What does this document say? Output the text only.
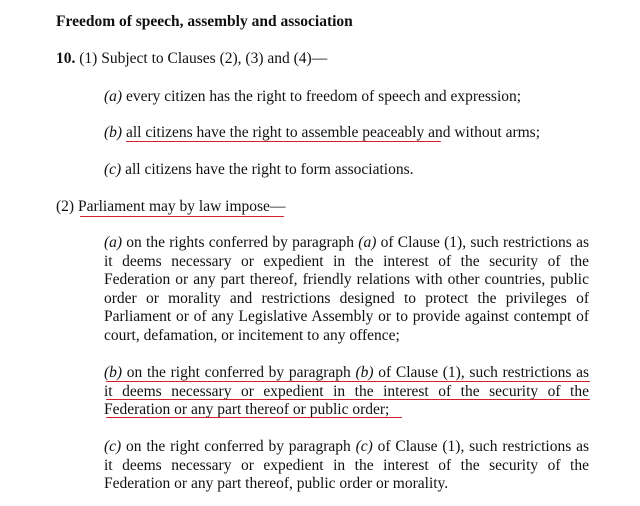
Freedom of speech, assembly and association
10. (1) Subject to Clauses (2), (3) and (4)—
(a) every citizen has the right to freedom of speech and expression;
(b) all citizens have the right to assemble peaceably and without arms;
(c) all citizens have the right to form associations.
(2) Parliament may by law impose—
(a) on the rights conferred by paragraph (a) of Clause (1), such restrictions as it deems necessary or expedient in the interest of the security of the Federation or any part thereof, friendly relations with other countries, public order or morality and restrictions designed to protect the privileges of Parliament or of any Legislative Assembly or to provide against contempt of court, defamation, or incitement to any offence;
(b) on the right conferred by paragraph (b) of Clause (1), such restrictions as it deems necessary or expedient in the interest of the security of the Federation or any part thereof or public order;
(c) on the right conferred by paragraph (c) of Clause (1), such restrictions as it deems necessary or expedient in the interest of the security of the Federation or any part thereof, public order or morality.
